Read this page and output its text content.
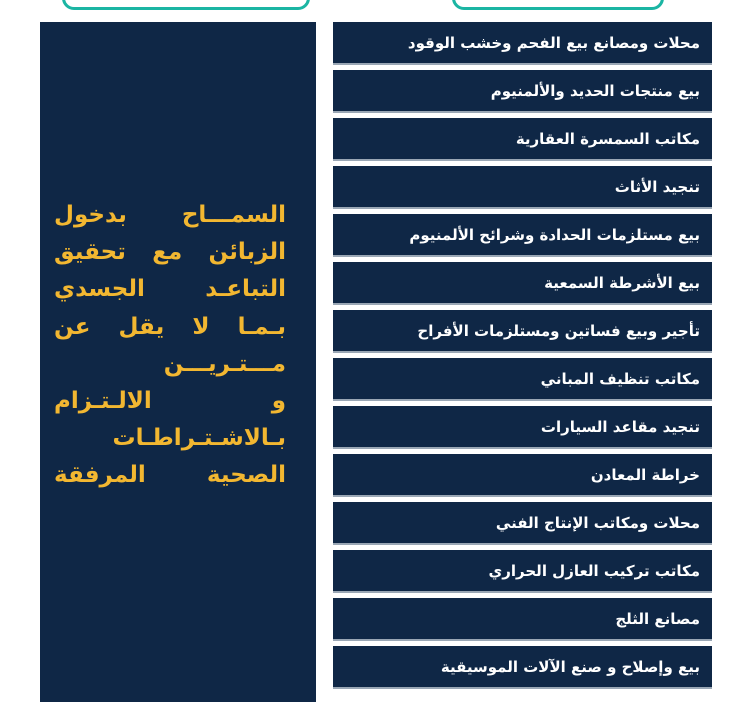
السمـــاح بدخول
الزبائن مع تحقيق
التباعـد الجسدي
بـمـا لا يقل عن
مـــتـريـــن
و الالـتـزام
بـالاشـتـراطـات
الصحية المرفقة

محلات ومصانع بيع الفحم وخشب الوقود
بيع منتجات الحديد والألمنيوم
مكاتب السمسرة العقارية
تنجيد الأثاث
بيع مستلزمات الحدادة وشرائح الألمنيوم
بيع الأشرطة السمعية
تأجير وبيع فساتين ومستلزمات الأفراح
مكاتب تنظيف المباني
تنجيد مقاعد السيارات
خراطة المعادن
محلات ومكاتب الإنتاج الفني
مكاتب تركيب العازل الحراري
مصانع الثلج
بيع وإصلاح و صنع الآلات الموسيقية
